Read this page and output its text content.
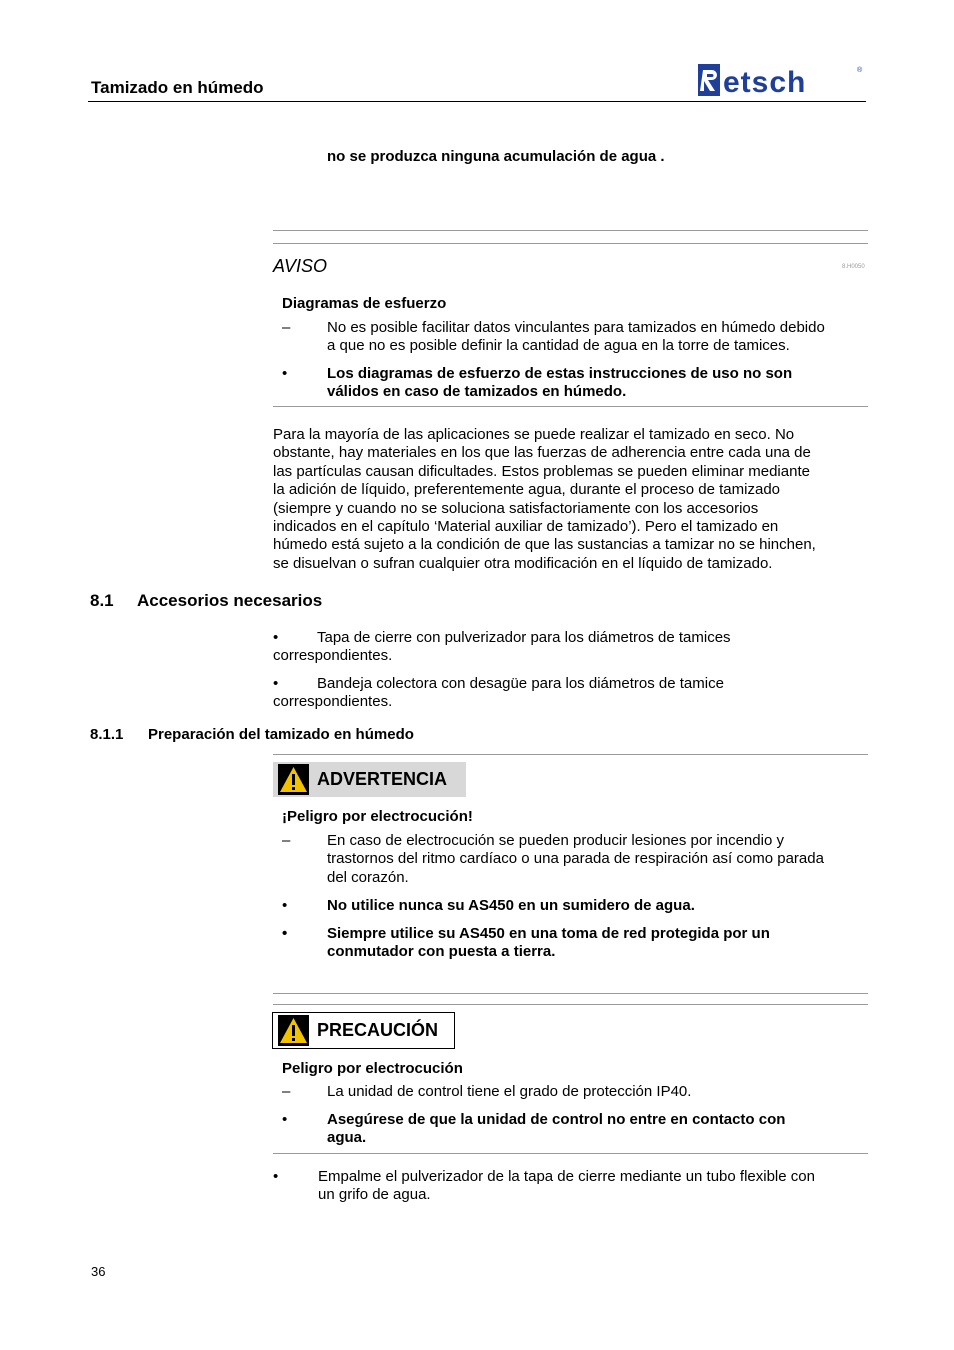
Tamizado en húmedo	etsch	®
no se produzca ninguna acumulación de agua .
AVISO	8.H0050
Diagramas de esfuerzo
– No es posible facilitar datos vinculantes para tamizados en húmedo debido
a que no es posible definir la cantidad de agua en la torre de tamices.
•	Los diagramas de esfuerzo de estas instrucciones de uso no son
válidos en caso de tamizados en húmedo.
Para la mayoría de las aplicaciones se puede realizar el tamizado en seco. No
obstante, hay materiales en los que las fuerzas de adherencia entre cada una de
las partículas causan dificultades. Estos problemas se pueden eliminar mediante
la adición de líquido, preferentemente agua, durante el proceso de tamizado
(siempre y cuando no se soluciona satisfactoriamente con los accesorios
indicados en el capítulo ‘Material auxiliar de tamizado’). Pero el tamizado en
húmedo está sujeto a la condición de que las sustancias a tamizar no se hinchen,
se disuelvan o sufran cualquier otra modificación en el líquido de tamizado.
8.1 Accesorios necesarios
•	Tapa de cierre con pulverizador para los diámetros de tamices
correspondientes.
•	Bandeja colectora con desagüe para los diámetros de tamice
correspondientes.
8.1.1 Preparación del tamizado en húmedo
ADVERTENCIA
¡Peligro por electrocución!
– En caso de electrocución se pueden producir lesiones por incendio y
trastornos del ritmo cardíaco o una parada de respiración así como parada
del corazón.
•	No utilice nunca su AS450 en un sumidero de agua.
•	Siempre utilice su AS450 en una toma de red protegida por un
conmutador con puesta a tierra.
PRECAUCIÓN
Peligro por electrocución
– La unidad de control tiene el grado de protección IP40.
•	Asegúrese de que la unidad de control no entre en contacto con
agua.
•	Empalme el pulverizador de la tapa de cierre mediante un tubo flexible con
un grifo de agua.
36
